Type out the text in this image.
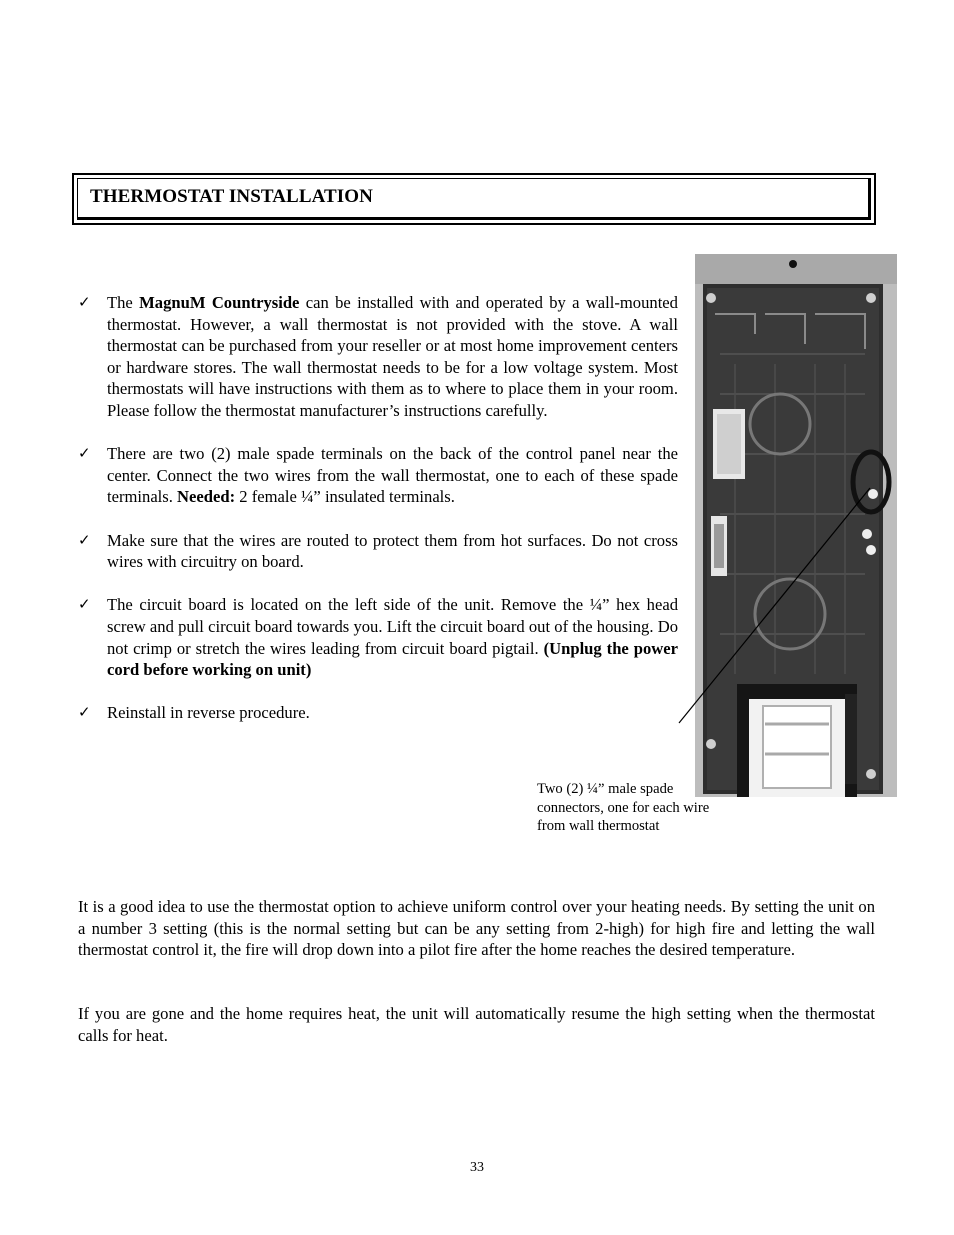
THERMOSTAT INSTALLATION
✓ The MagnuM Countryside can be installed with and operated by a wall-mounted thermostat. However, a wall thermostat is not provided with the stove. A wall thermostat can be purchased from your reseller or at most home improvement centers or hardware stores. The wall thermostat needs to be for a low voltage system. Most thermostats will have instructions with them as to where to place them in your room. Please follow the thermostat manufacturer’s instructions carefully.
✓ There are two (2) male spade terminals on the back of the control panel near the center. Connect the two wires from the wall thermostat, one to each of these spade terminals. Needed: 2 female ¼” insulated terminals.
✓ Make sure that the wires are routed to protect them from hot surfaces. Do not cross wires with circuitry on board.
✓ The circuit board is located on the left side of the unit. Remove the ¼” hex head screw and pull circuit board towards you. Lift the circuit board out of the housing. Do not crimp or stretch the wires leading from circuit board pigtail. (Unplug the power cord before working on unit)
✓ Reinstall in reverse procedure.
Two (2) ¼” male spade connectors, one for each wire from wall thermostat
It is a good idea to use the thermostat option to achieve uniform control over your heating needs. By setting the unit on a number 3 setting (this is the normal setting but can be any setting from 2-high) for high fire and letting the wall thermostat control it, the fire will drop down into a pilot fire after the home reaches the desired temperature.
If you are gone and the home requires heat, the unit will automatically resume the high setting when the thermostat calls for heat.
33
